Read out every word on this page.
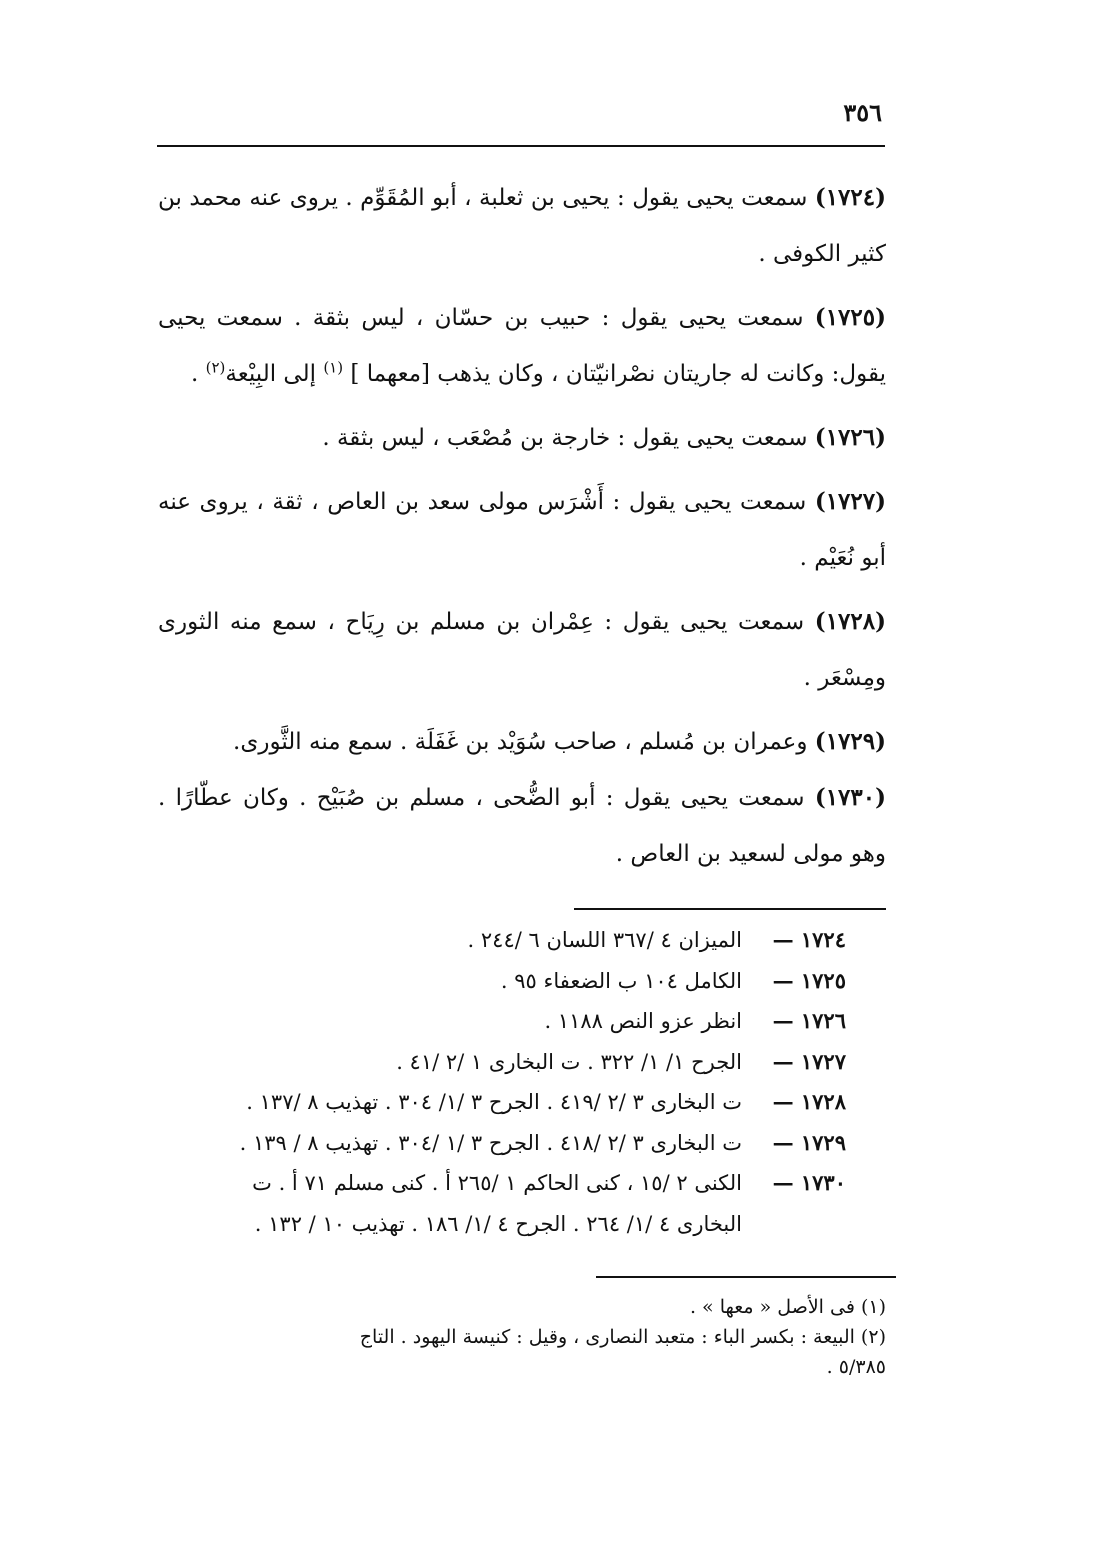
٣٥٦

(١٧٢٤) سمعت يحيى يقول : يحيى بن ثعلبة ، أبو المُقَوِّم . يروى عنه محمد بن كثير الكوفى .

(١٧٢٥) سمعت يحيى يقول : حبيب بن حسّان ، ليس بثقة . سمعت يحيى يقول: وكانت له جاريتان نصْرانيّتان ، وكان يذهب [معهما ] $^{(١)}$ إلى البِيْعة$^{(٢)}$ .

(١٧٢٦) سمعت يحيى يقول : خارجة بن مُصْعَب ، ليس بثقة .

(١٧٢٧) سمعت يحيى يقول : أَشْرَس مولى سعد بن العاص ، ثقة ، يروى عنه أبو نُعَيْم .

(١٧٢٨) سمعت يحيى يقول : عِمْران بن مسلم بن رِيَاح ، سمع منه الثورى ومِسْعَر .

(١٧٢٩) وعمران بن مُسلم ، صاحب سُوَيْد بن غَفَلَة . سمع منه الثَّورى.

(١٧٣٠) سمعت يحيى يقول : أبو الضُّحى ، مسلم بن صُبَيْح . وكان عطّارًا . وهو مولى لسعيد بن العاص .

١٧٢٤ —
الميزان ٤ /٣٦٧ اللسان ٦ /٢٤٤ .
١٧٢٥ —
الكامل ١٠٤ ب الضعفاء ٩٥ .
١٧٢٦ —
انظر عزو النص ١١٨٨ .
١٧٢٧ —
الجرح ١/ ١/ ٣٢٢ . ت البخارى ١ /٢ /٤١ .
١٧٢٨ —
ت البخارى ٣ /٢ /٤١٩ . الجرح ٣ /١/ ٣٠٤ . تهذيب ٨ /١٣٧ .
١٧٢٩ —
ت البخارى ٣ /٢ /٤١٨ . الجرح ٣ /١ /٣٠٤ . تهذيب ٨ / ١٣٩ .
١٧٣٠ —
الكنى ٢ /١٥ ، كنى الحاكم ١ /٢٦٥ أ . كنى مسلم ٧١ أ . ت
البخارى ٤ /١/ ٢٦٤ . الجرح ٤ /١/ ١٨٦ . تهذيب ١٠ / ١٣٢ .
(١) فى الأصل « معها » .
(٢) البيعة : بكسر الباء : متعبد النصارى ، وقيل : كنيسة اليهود . التاج
٥/٣٨٥ .
